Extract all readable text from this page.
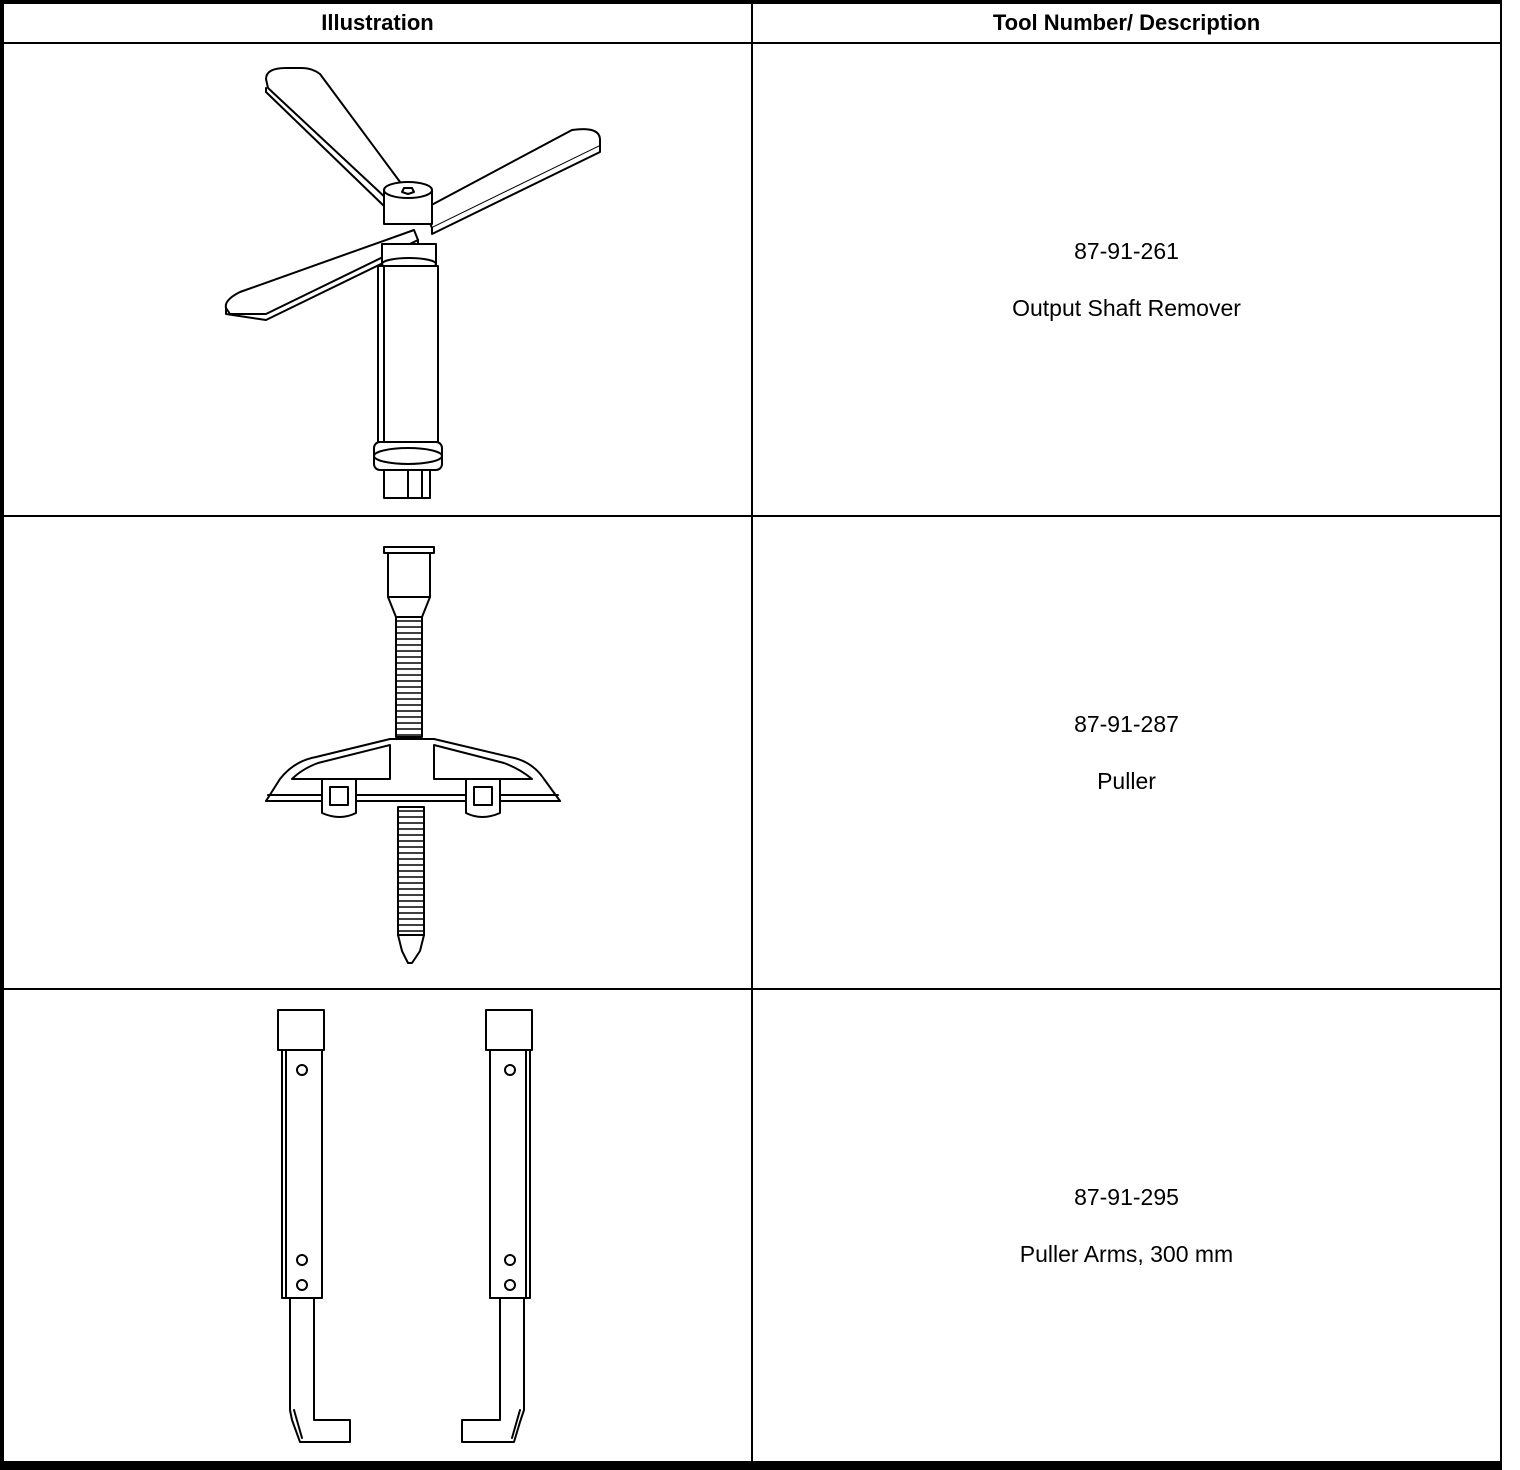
Illustration	Tool Number/ Description

87-91-261
Output Shaft Remover

87-91-287
Puller

87-91-295
Puller Arms, 300 mm
